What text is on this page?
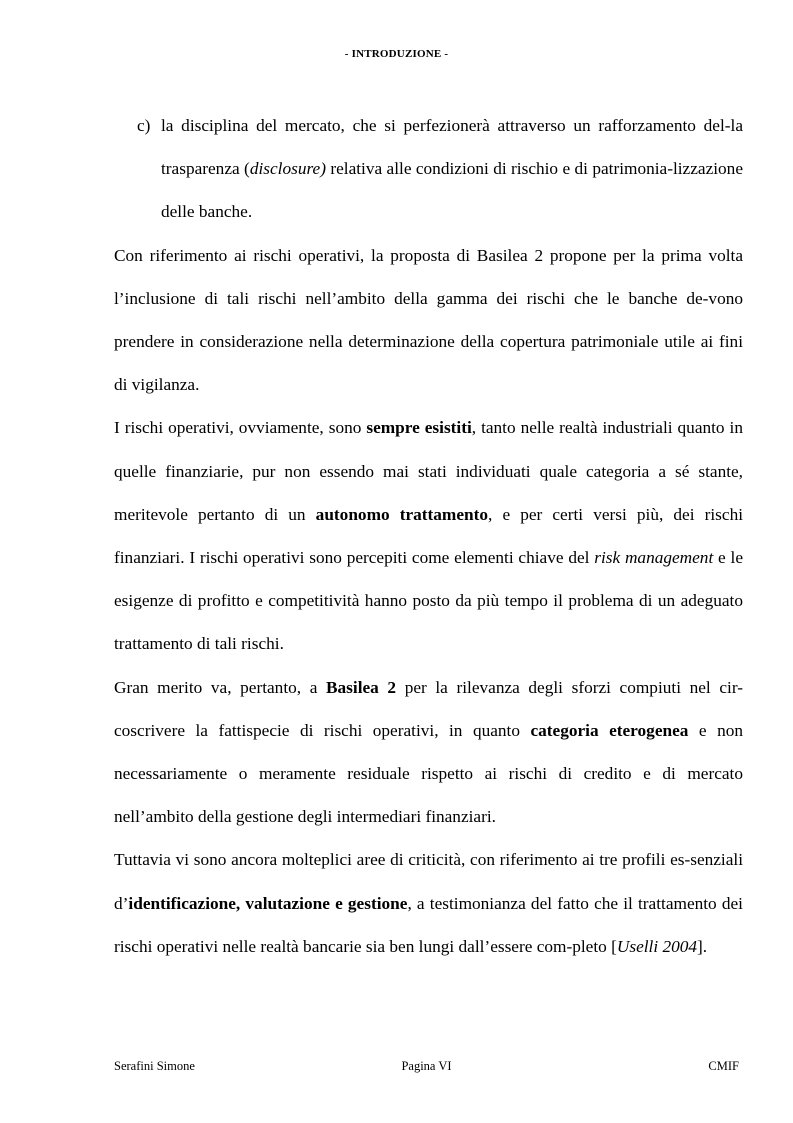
- INTRODUZIONE -
c) la disciplina del mercato, che si perfezionerà attraverso un rafforzamento del-la trasparenza (disclosure) relativa alle condizioni di rischio e di patrimonia-lizzazione delle banche.

Con riferimento ai rischi operativi, la proposta di Basilea 2 propone per la prima volta l’inclusione di tali rischi nell’ambito della gamma dei rischi che le banche de-vono prendere in considerazione nella determinazione della copertura patrimoniale utile ai fini di vigilanza.

I rischi operativi, ovviamente, sono sempre esistiti, tanto nelle realtà industriali quanto in quelle finanziarie, pur non essendo mai stati individuati quale categoria a sé stante, meritevole pertanto di un autonomo trattamento, e per certi versi più, dei rischi finanziari. I rischi operativi sono percepiti come elementi chiave del risk management e le esigenze di profitto e competitività hanno posto da più tempo il problema di un adeguato trattamento di tali rischi.

Gran merito va, pertanto, a Basilea 2 per la rilevanza degli sforzi compiuti nel cir-coscrivere la fattispecie di rischi operativi, in quanto categoria eterogenea e non necessariamente o meramente residuale rispetto ai rischi di credito e di mercato nell’ambito della gestione degli intermediari finanziari.

Tuttavia vi sono ancora molteplici aree di criticità, con riferimento ai tre profili es-senziali d’identificazione, valutazione e gestione, a testimonianza del fatto che il trattamento dei rischi operativi nelle realtà bancarie sia ben lungi dall’essere com-pleto [Uselli 2004].

Serafini Simone	Pagina VI	CMIF
